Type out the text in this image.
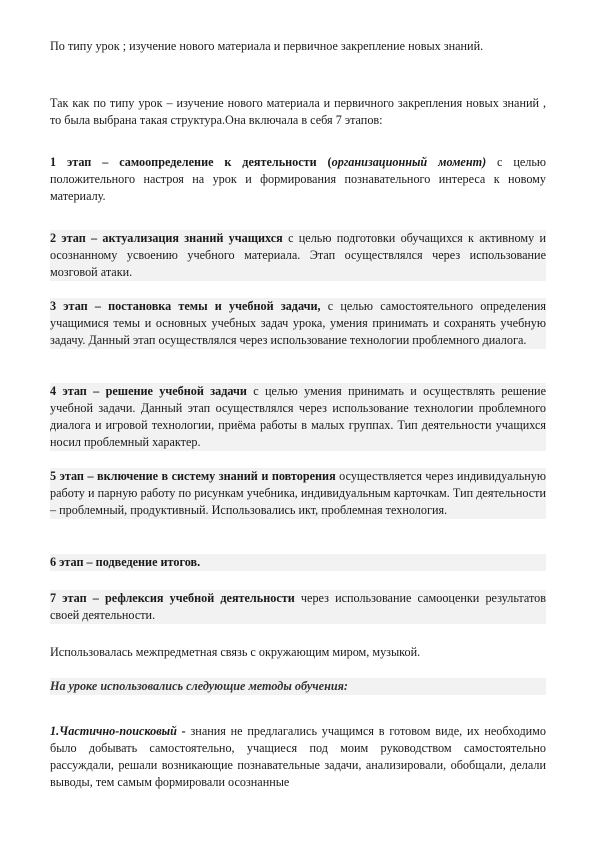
По типу урок ; изучение нового материала и первичное закрепление новых знаний.
Так как по типу урок – изучение нового материала и первичного закрепления новых знаний , то была выбрана такая структура.Она включала в себя 7 этапов:
1 этап – самоопределение к деятельности (организационный момент) с целью положительного настроя на урок и формирования познавательного интереса к новому материалу.
2 этап – актуализация знаний учащихся с целью подготовки обучащихся к активному и осознанному усвоению учебного материала. Этап осуществлялся через использование мозговой атаки.
3 этап – постановка темы и учебной задачи, с целью самостоятельного определения учащимися темы и основных учебных задач урока, умения принимать и сохранять учебную задачу. Данный этап осуществлялся через использование технологии проблемного диалога.
4 этап – решение учебной задачи с целью умения принимать и осуществлять решение учебной задачи. Данный этап осуществлялся через использование технологии проблемного диалога и игровой технологии, приёма работы в малых группах. Тип деятельности учащихся носил проблемный характер.
5 этап – включение в систему знаний и повторения осуществляется через индивидуальную работу и парную работу по рисункам учебника, индивидуальным карточкам. Тип деятельности – проблемный, продуктивный. Использовались икт, проблемная технология.
6 этап – подведение итогов.
7 этап – рефлексия учебной деятельности через использование самооценки результатов своей деятельности.
Использовалась межпредметная связь с окружающим миром, музыкой.
На уроке использовались следующие методы обучения:
1.Частично-поисковый - знания не предлагались учащимся в готовом виде, их необходимо было добывать самостоятельно, учащиеся под моим руководством самостоятельно рассуждали, решали возникающие познавательные задачи, анализировали, обобщали, делали выводы, тем самым формировали осознанные
